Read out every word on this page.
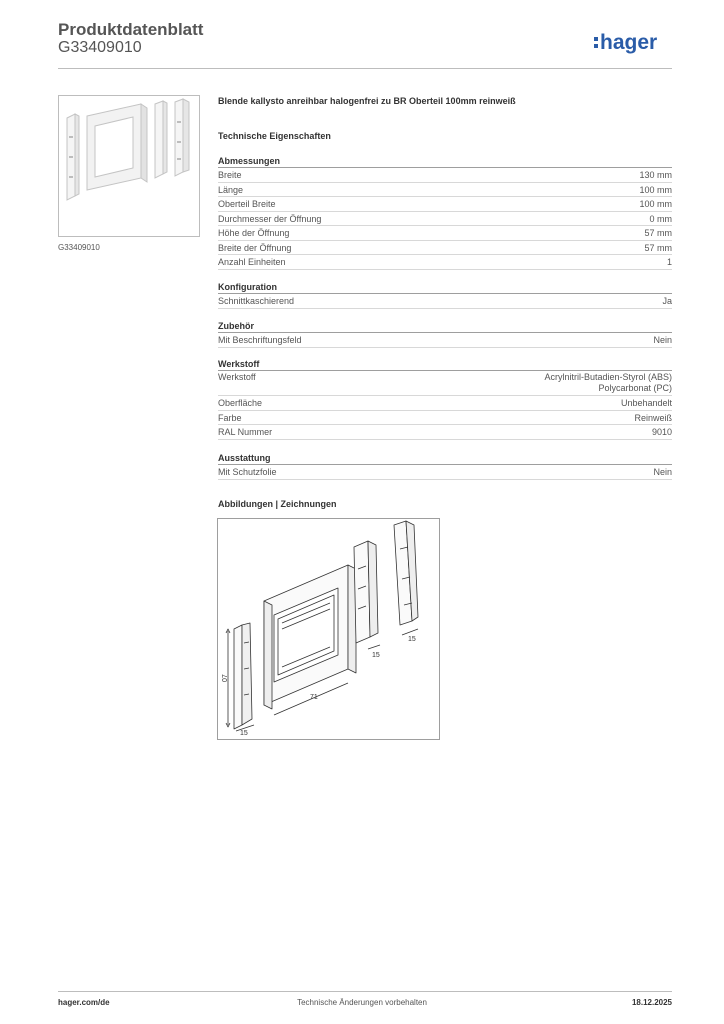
Produktdatenblatt
G33409010	hager
G33409010
Blende kallysto anreihbar halogenfrei zu BR Oberteil 100mm reinweiß
Technische Eigenschaften
Abmessungen
Breite	130 mm
Länge	100 mm
Oberteil Breite	100 mm
Durchmesser der Öffnung	0 mm
Höhe der Öffnung	57 mm
Breite der Öffnung	57 mm
Anzahl Einheiten	1
Konfiguration
Schnittkaschierend	Ja
Zubehör
Mit Beschriftungsfeld	Nein
Werkstoff
Werkstoff	Acrylnitril-Butadien-Styrol (ABS)
Polycarbonat (PC)
Oberfläche	Unbehandelt
Farbe	Reinweiß
RAL Nummer	9010
Ausstattung
Mit Schutzfolie	Nein
Abbildungen | Zeichnungen
07
15
71
15
15
hager.com/de	Technische Änderungen vorbehalten	18.12.2025
